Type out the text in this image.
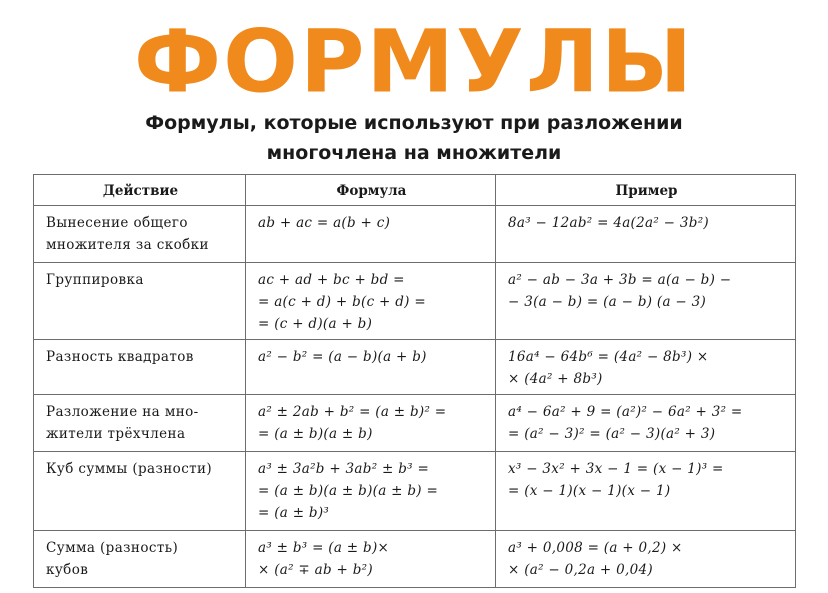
ФОРМУЛЫ
Формулы, которые используют при разложении
многочлена на множители
Действие	Формула	Пример

Вынесение общего
множителя за скобки	ab + ac = a(b + c)	8a³ − 12ab² = 4a(2a² − 3b²)

Группировка	ac + ad + bc + bd =
= a(c + d) + b(c + d) =
= (c + d)(a + b)	a² − ab − 3a + 3b = a(a − b) −
− 3(a − b) = (a − b) (a − 3)

Разность квадратов	a² − b² = (a − b)(a + b)	16a⁴ − 64b⁶ = (4a² − 8b³) ×
× (4a² + 8b³)

Разложение на мно-
жители трёхчлена	a² ± 2ab + b² = (a ± b)² =
= (a ± b)(a ± b)	a⁴ − 6a² + 9 = (a²)² − 6a² + 3² =
= (a² − 3)² = (a² − 3)(a² + 3)

Куб суммы (разности)	a³ ± 3a²b + 3ab² ± b³ =
= (a ± b)(a ± b)(a ± b) =
= (a ± b)³	x³ − 3x² + 3x − 1 = (x − 1)³ =
= (x − 1)(x − 1)(x − 1)

Сумма (разность)
кубов	a³ ± b³ = (a ± b)×
× (a² ∓ ab + b²)	a³ + 0,008 = (a + 0,2) ×
× (a² − 0,2a + 0,04)
